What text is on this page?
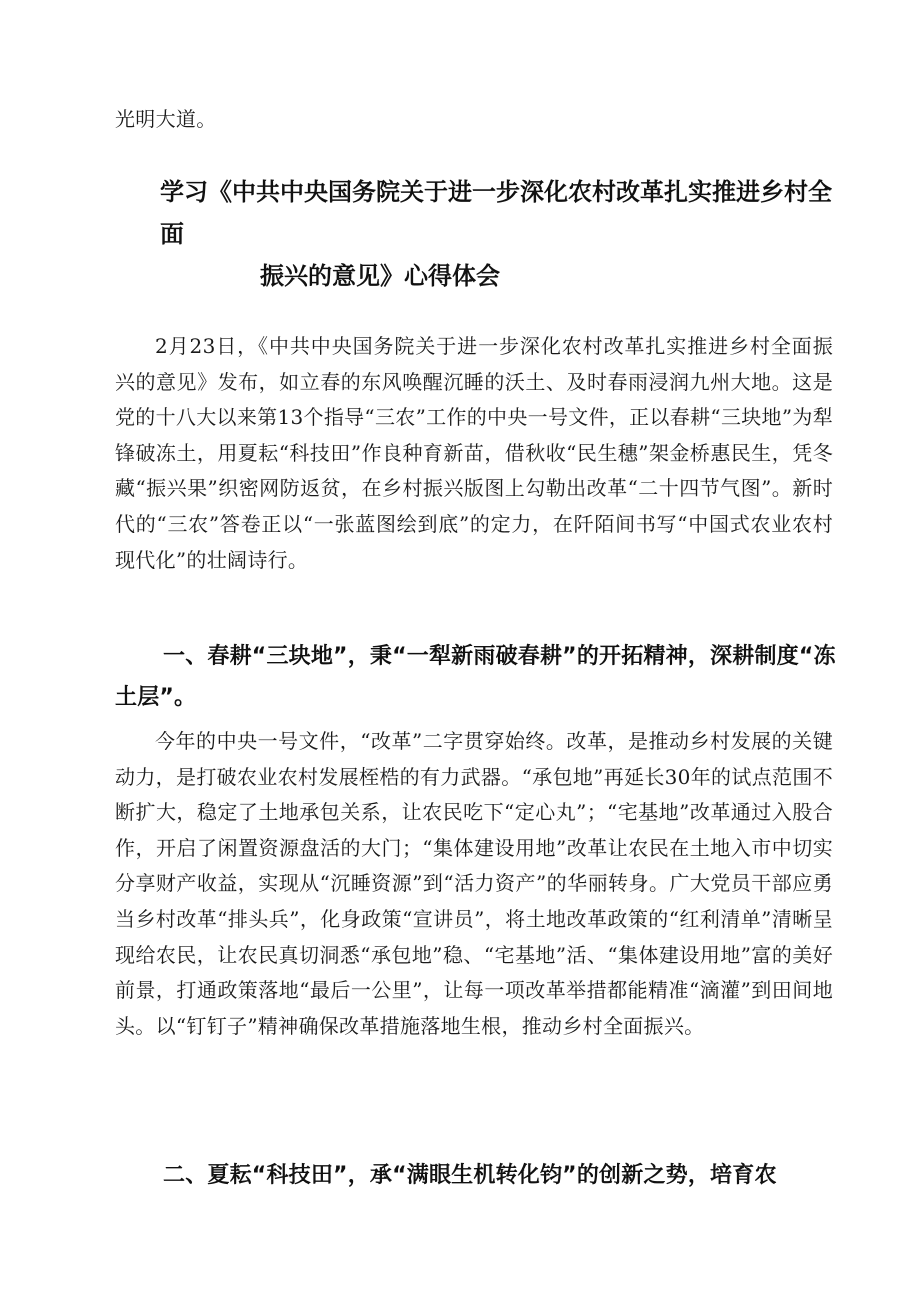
光明大道。

学习《中共中央国务院关于进一步深化农村改革扎实推进乡村全面
振兴的意见》心得体会

2月23日，《中共中央国务院关于进一步深化农村改革扎实推进乡村全面振兴的意见》发布，如立春的东风唤醒沉睡的沃土、及时春雨浸润九州大地。这是党的十八大以来第13个指导“三农”工作的中央一号文件，正以春耕“三块地”为犁锋破冻土，用夏耘“科技田”作良种育新苗，借秋收“民生穗”架金桥惠民生，凭冬藏“振兴果”织密网防返贫，在乡村振兴版图上勾勒出改革“二十四节气图”。新时代的“三农”答卷正以“一张蓝图绘到底”的定力，在阡陌间书写“中国式农业农村现代化”的壮阔诗行。

一、春耕“三块地”，秉“一犁新雨破春耕”的开拓精神，深耕制度“冻土层”。

今年的中央一号文件，“改革”二字贯穿始终。改革，是推动乡村发展的关键动力，是打破农业农村发展桎梏的有力武器。“承包地”再延长30年的试点范围不断扩大，稳定了土地承包关系，让农民吃下“定心丸”；“宅基地”改革通过入股合作，开启了闲置资源盘活的大门；“集体建设用地”改革让农民在土地入市中切实分享财产收益，实现从“沉睡资源”到“活力资产”的华丽转身。广大党员干部应勇当乡村改革“排头兵”，化身政策“宣讲员”，将土地改革政策的“红利清单”清晰呈现给农民，让农民真切洞悉“承包地”稳、“宅基地”活、“集体建设用地”富的美好前景，打通政策落地“最后一公里”，让每一项改革举措都能精准“滴灌”到田间地头。以“钉钉子”精神确保改革措施落地生根，推动乡村全面振兴。

二、夏耘“科技田”，承“满眼生机转化钧”的创新之势，培育农
